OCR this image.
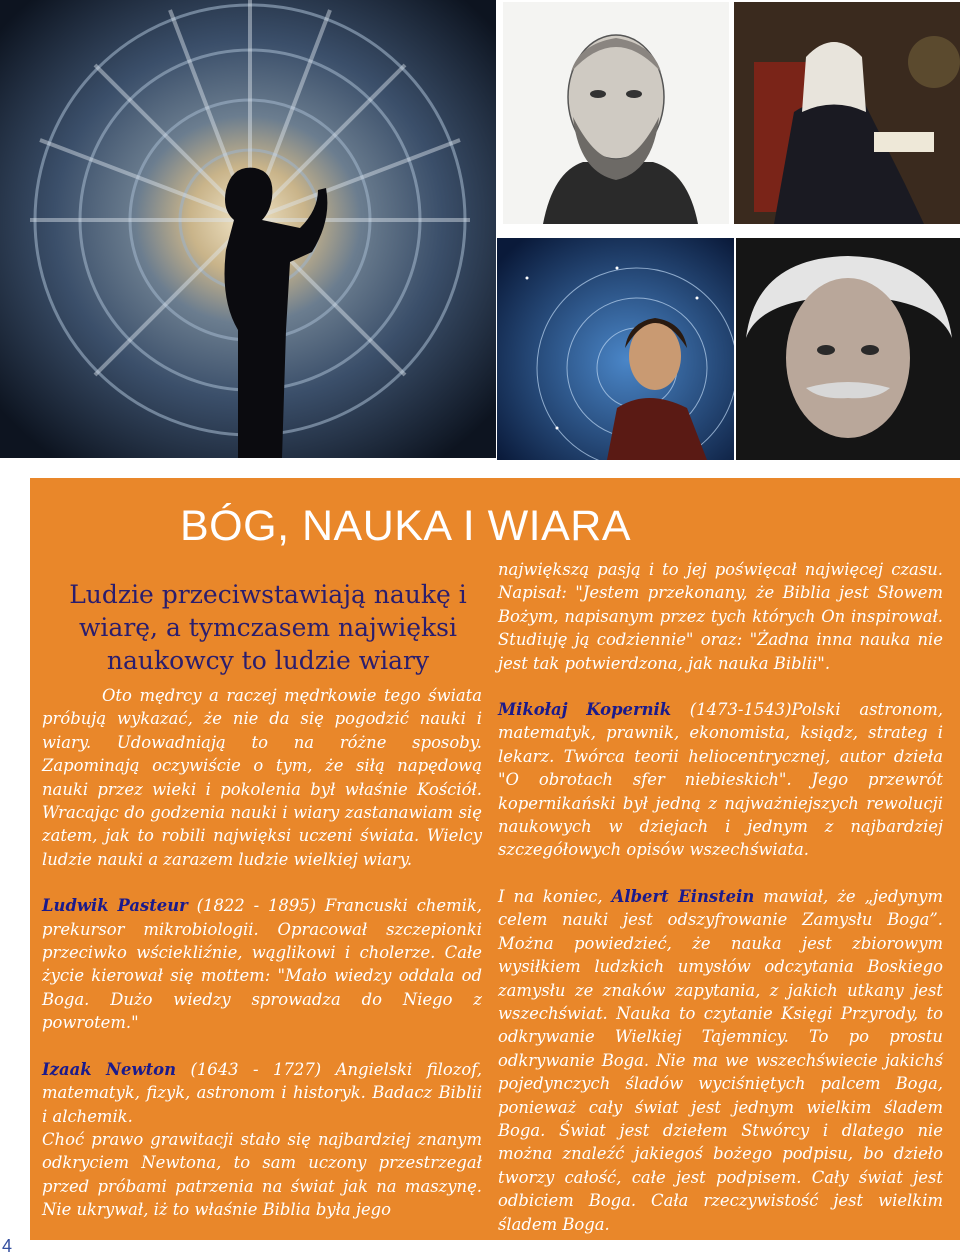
BÓG, NAUKA I WIARA
Ludzie przeciwstawiają naukę i wiarę, a tymczasem najwięksi naukowcy to ludzie wiary

Oto mędrcy a raczej mędrkowie tego świata próbują wykazać, że nie da się pogodzić nauki i wiary. Udowadniają to na różne sposoby. Zapominają oczywiście o tym, że siłą napędową nauki przez wieki i pokolenia był właśnie Kościół. Wracając do godzenia nauki i wiary zastanawiam się zatem, jak to robili najwięksi uczeni świata. Wielcy ludzie nauki a zarazem ludzie wielkiej wiary.

Ludwik Pasteur (1822 - 1895) Francuski chemik, prekursor mikrobiologii. Opracował szczepionki przeciwko wściekliźnie, wąglikowi i cholerze. Całe życie kierował się mottem: "Mało wiedzy oddala od Boga. Dużo wiedzy sprowadza do Niego z powrotem."

Izaak Newton (1643 - 1727) Angielski filozof, matematyk, fizyk, astronom i historyk. Badacz Biblii i alchemik.

Choć prawo grawitacji stało się najbardziej znanym odkryciem Newtona, to sam uczony przestrzegał przed próbami patrzenia na świat jak na maszynę. Nie ukrywał, iż to właśnie Biblia była jego

największą pasją i to jej poświęcał najwięcej czasu. Napisał: "Jestem przekonany, że Biblia jest Słowem Bożym, napisanym przez tych których On inspirował. Studiuję ją codziennie" oraz: "Żadna inna nauka nie jest tak potwierdzona, jak nauka Biblii".

Mikołaj Kopernik (1473-1543)Polski astronom, matematyk, prawnik, ekonomista, ksiądz, strateg i lekarz. Twórca teorii heliocentrycznej, autor dzieła "O obrotach sfer niebieskich". Jego przewrót kopernikański był jedną z najważniejszych rewolucji naukowych w dziejach i jednym z najbardziej szczegółowych opisów wszechświata.

I na koniec, Albert Einstein mawiał, że „jedynym celem nauki jest odszyfrowanie Zamysłu Boga”. Można powiedzieć, że nauka jest zbiorowym wysiłkiem ludzkich umysłów odczytania Boskiego zamysłu ze znaków zapytania, z jakich utkany jest wszechświat. Nauka to czytanie Księgi Przyrody, to odkrywanie Wielkiej Tajemnicy. To po prostu odkrywanie Boga. Nie ma we wszechświecie jakichś pojedynczych śladów wyciśniętych palcem Boga, ponieważ cały świat jest jednym wielkim śladem Boga. Świat jest dziełem Stwórcy i dlatego nie można znaleźć jakiegoś bożego podpisu, bo dzieło tworzy całość, całe jest podpisem. Cały świat jest odbiciem Boga. Cała rzeczywistość jest wielkim śladem Boga.

4
